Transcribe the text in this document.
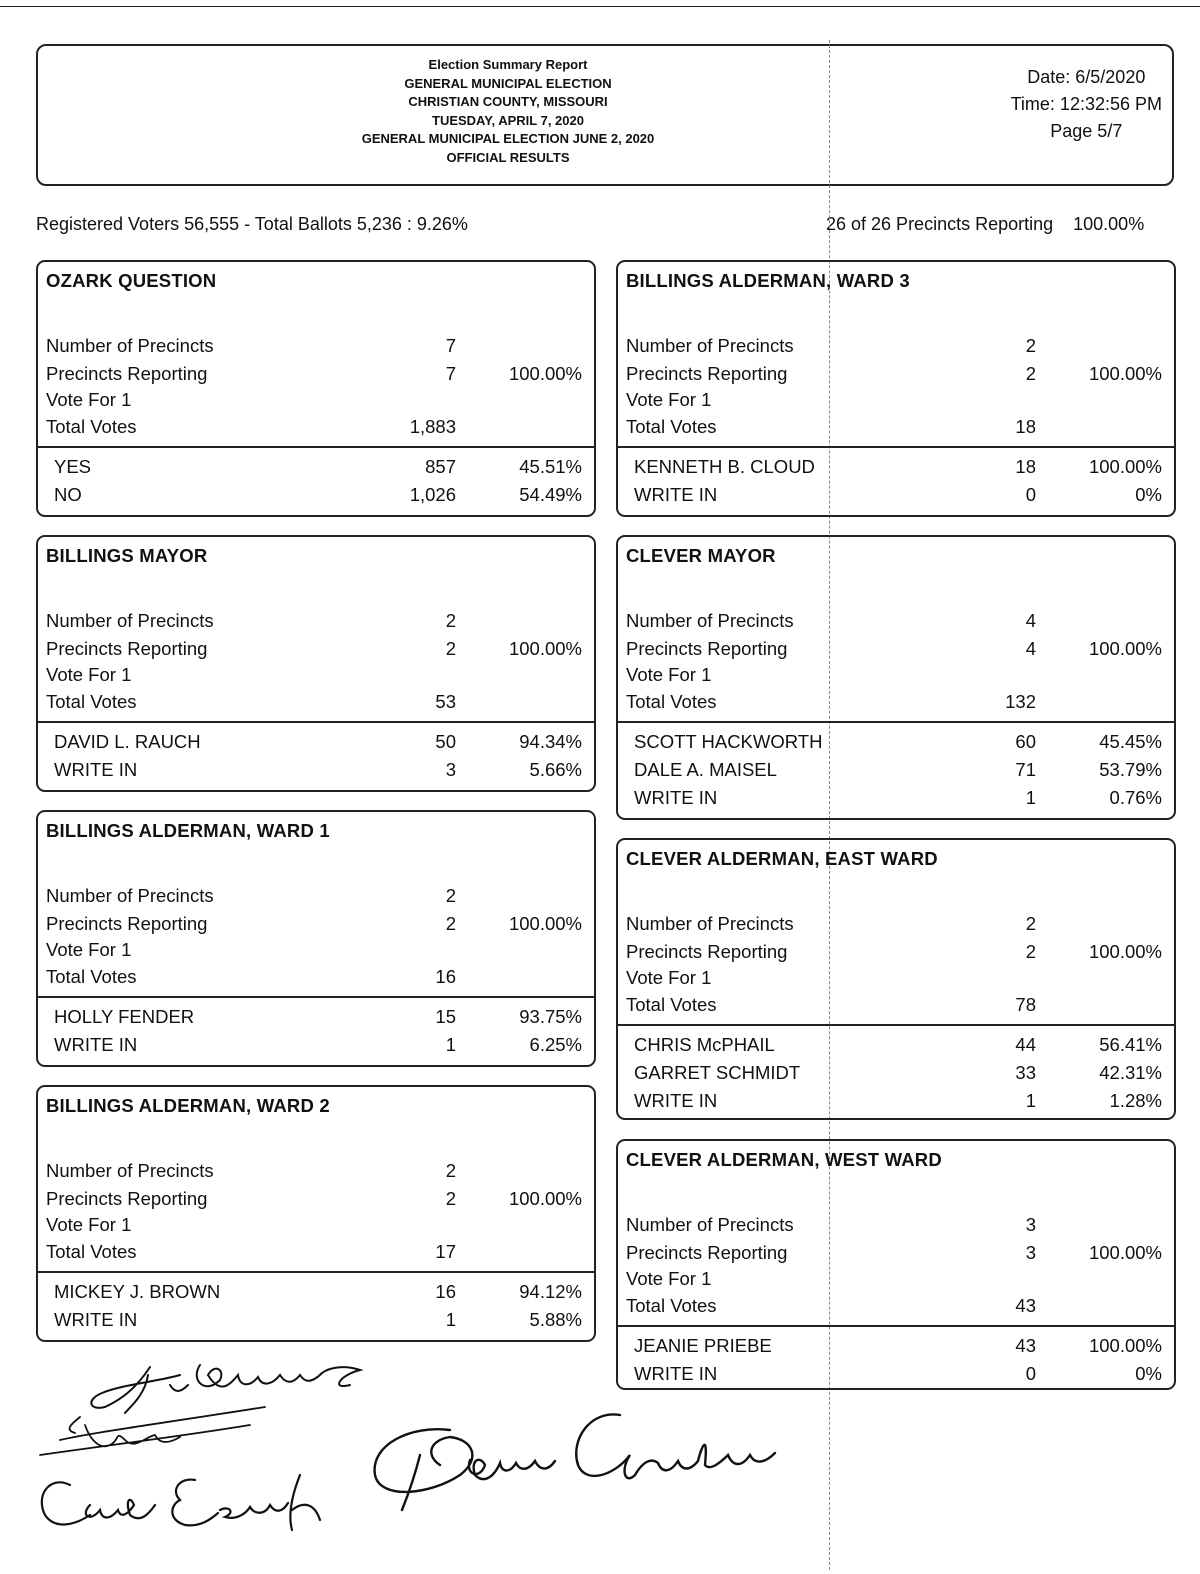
Election Summary Report
GENERAL MUNICIPAL ELECTION
CHRISTIAN COUNTY, MISSOURI
TUESDAY, APRIL 7, 2020
GENERAL MUNICIPAL ELECTION JUNE 2, 2020
OFFICIAL RESULTS
Date: 6/5/2020
Time: 12:32:56 PM
Page 5/7
Registered Voters 56,555 - Total Ballots 5,236 : 9.26%	26 of 26 Precincts Reporting 100.00%
OZARK QUESTION
Number of Precincts	7
Precincts Reporting	7	100.00%
Vote For 1
Total Votes	1,883
YES	857	45.51%
NO	1,026	54.49%
BILLINGS MAYOR
Number of Precincts	2
Precincts Reporting	2	100.00%
Vote For 1
Total Votes	53
DAVID L. RAUCH	50	94.34%
WRITE IN	3	5.66%
BILLINGS ALDERMAN, WARD 1
Number of Precincts	2
Precincts Reporting	2	100.00%
Vote For 1
Total Votes	16
HOLLY FENDER	15	93.75%
WRITE IN	1	6.25%
BILLINGS ALDERMAN, WARD 2
Number of Precincts	2
Precincts Reporting	2	100.00%
Vote For 1
Total Votes	17
MICKEY J. BROWN	16	94.12%
WRITE IN	1	5.88%
BILLINGS ALDERMAN, WARD 3
Number of Precincts	2
Precincts Reporting	2	100.00%
Vote For 1
Total Votes	18
KENNETH B. CLOUD	18	100.00%
WRITE IN	0	0%
CLEVER MAYOR
Number of Precincts	4
Precincts Reporting	4	100.00%
Vote For 1
Total Votes	132
SCOTT HACKWORTH	60	45.45%
DALE A. MAISEL	71	53.79%
WRITE IN	1	0.76%
CLEVER ALDERMAN, EAST WARD
Number of Precincts	2
Precincts Reporting	2	100.00%
Vote For 1
Total Votes	78
CHRIS McPHAIL	44	56.41%
GARRET SCHMIDT	33	42.31%
WRITE IN	1	1.28%
CLEVER ALDERMAN, WEST WARD
Number of Precincts	3
Precincts Reporting	3	100.00%
Vote For 1
Total Votes	43
JEANIE PRIEBE	43	100.00%
WRITE IN	0	0%
